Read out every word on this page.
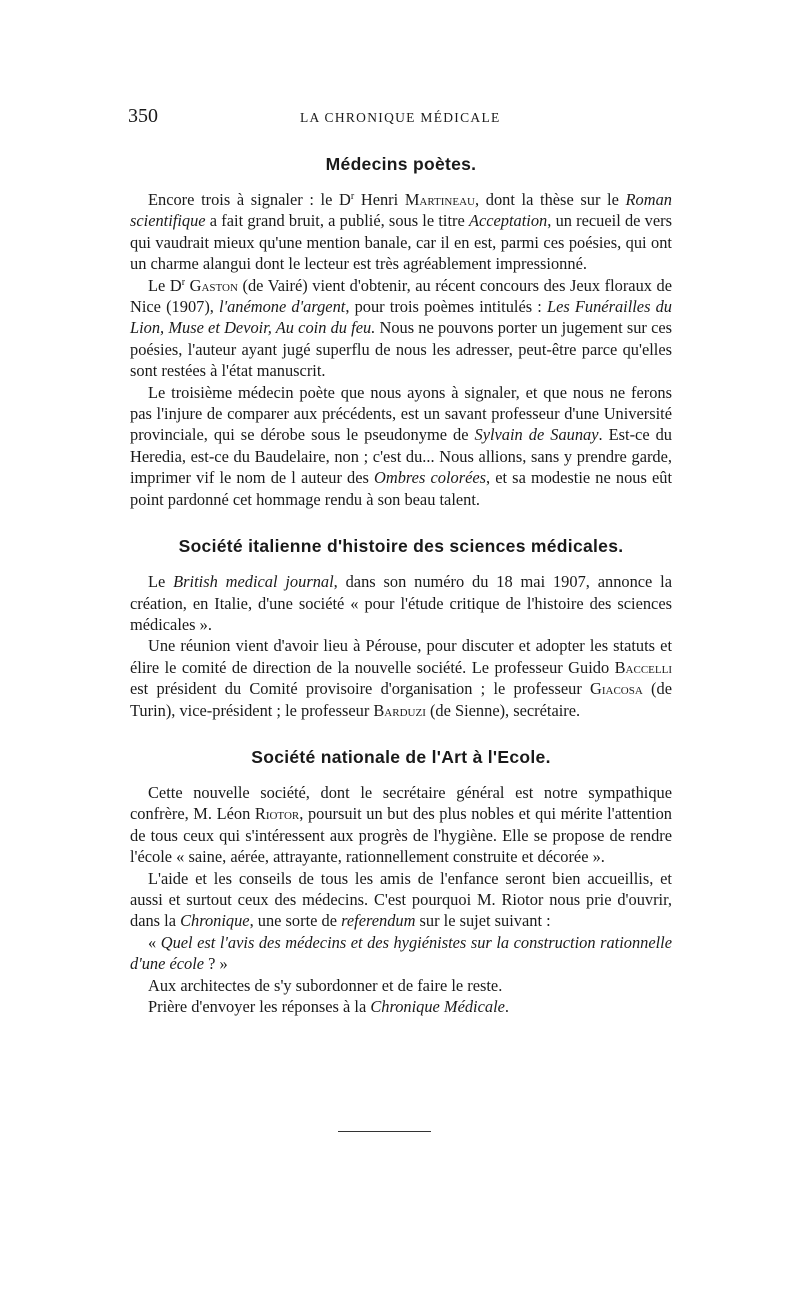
350	LA CHRONIQUE MÉDICALE
Médecins poètes.

Encore trois à signaler : le $D^r$ Henri Martineau, dont la thèse sur le Roman scientifique a fait grand bruit, a publié, sous le titre Acceptation, un recueil de vers qui vaudrait mieux qu'une mention banale, car il en est, parmi ces poésies, qui ont un charme alangui dont le lecteur est très agréablement impressionné.

Le $D^r$ Gaston (de Vairé) vient d'obtenir, au récent concours des Jeux floraux de Nice (1907), l'anémone d'argent, pour trois poèmes intitulés : Les Funérailles du Lion, Muse et Devoir, Au coin du feu. Nous ne pouvons porter un jugement sur ces poésies, l'auteur ayant jugé superflu de nous les adresser, peut-être parce qu'elles sont restées à l'état manuscrit.

Le troisième médecin poète que nous ayons à signaler, et que nous ne ferons pas l'injure de comparer aux précédents, est un savant professeur d'une Université provinciale, qui se dérobe sous le pseudonyme de Sylvain de Saunay. Est-ce du Heredia, est-ce du Baudelaire, non ; c'est du... Nous allions, sans y prendre garde, imprimer vif le nom de l auteur des Ombres colorées, et sa modestie ne nous eût point pardonné cet hommage rendu à son beau talent.

Société italienne d'histoire des sciences médicales.

Le British medical journal, dans son numéro du 18 mai 1907, annonce la création, en Italie, d'une société « pour l'étude critique de l'histoire des sciences médicales ».

Une réunion vient d'avoir lieu à Pérouse, pour discuter et adopter les statuts et élire le comité de direction de la nouvelle société. Le professeur Guido Baccelli est président du Comité provisoire d'organisation ; le professeur Giacosa (de Turin), vice-président ; le professeur Barduzi (de Sienne), secrétaire.

Société nationale de l'Art à l'Ecole.

Cette nouvelle société, dont le secrétaire général est notre sympathique confrère, M. Léon Riotor, poursuit un but des plus nobles et qui mérite l'attention de tous ceux qui s'intéressent aux progrès de l'hygiène. Elle se propose de rendre l'école « saine, aérée, attrayante, rationnellement construite et décorée ».

L'aide et les conseils de tous les amis de l'enfance seront bien accueillis, et aussi et surtout ceux des médecins. C'est pourquoi M. Riotor nous prie d'ouvrir, dans la Chronique, une sorte de referendum sur le sujet suivant :

« Quel est l'avis des médecins et des hygiénistes sur la construction rationnelle d'une école ? »

Aux architectes de s'y subordonner et de faire le reste.

Prière d'envoyer les réponses à la Chronique Médicale.
